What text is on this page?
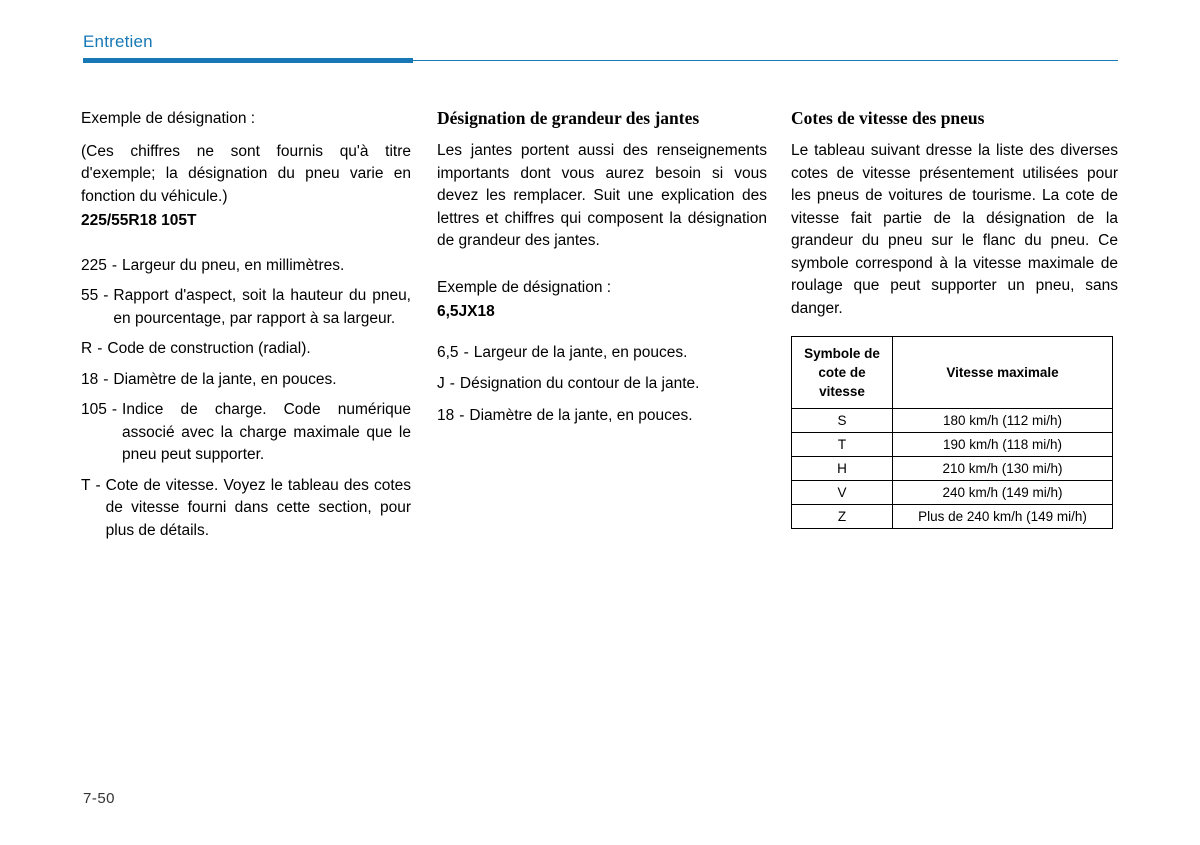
Entretien

Exemple de désignation :

(Ces chiffres ne sont fournis qu'à titre d'exemple; la désignation du pneu varie en fonction du véhicule.)

225/55R18 105T
225 - Largeur du pneu, en millimètres.
55 - Rapport d'aspect, soit la hauteur du pneu, en pourcentage, par rapport à sa largeur.
R - Code de construction (radial).
18 - Diamètre de la jante, en pouces.
105 - Indice de charge. Code numérique associé avec la charge maximale que le pneu peut supporter.
T - Cote de vitesse. Voyez le tableau des cotes de vitesse fourni dans cette section, pour plus de détails.
Désignation de grandeur des jantes

Les jantes portent aussi des renseignements importants dont vous aurez besoin si vous devez les remplacer. Suit une explication des lettres et chiffres qui composent la désignation de grandeur des jantes.

Exemple de désignation :

6,5JX18
6,5 - Largeur de la jante, en pouces.
J - Désignation du contour de la jante.
18 - Diamètre de la jante, en pouces.
Cotes de vitesse des pneus

Le tableau suivant dresse la liste des diverses cotes de vitesse présentement utilisées pour les pneus de voitures de tourisme. La cote de vitesse fait partie de la désignation de la grandeur du pneu sur le flanc du pneu. Ce symbole correspond à la vitesse maximale de roulage que peut supporter un pneu, sans danger.

Symbole de cote de vitesse	Vitesse maximale
S	180 km/h (112 mi/h)
T	190 km/h (118 mi/h)
H	210 km/h (130 mi/h)
V	240 km/h (149 mi/h)
Z	Plus de 240 km/h (149 mi/h)
7-50
